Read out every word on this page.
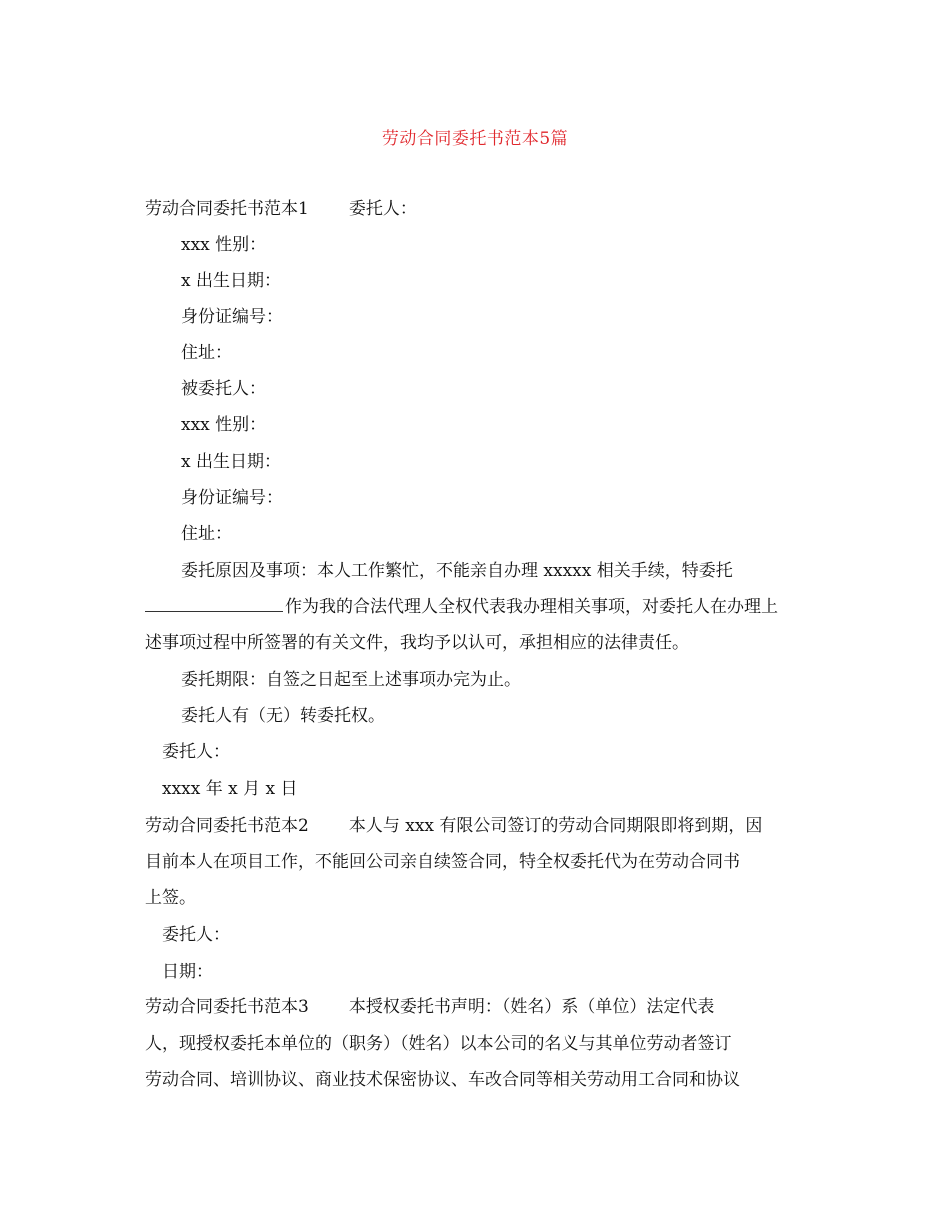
劳动合同委托书范本5篇
劳动合同委托书范本1 委托人：
xxx 性别：
x 出生日期：
身份证编号：
住址：
被委托人：
xxx 性别：
x 出生日期：
身份证编号：
住址：
委托原因及事项：本人工作繁忙，不能亲自办理 xxxxx 相关手续，特委托
作为我的合法代理人全权代表我办理相关事项，对委托人在办理上
述事项过程中所签署的有关文件，我均予以认可，承担相应的法律责任。
委托期限：自签之日起至上述事项办完为止。
委托人有（无）转委托权。
委托人：
xxxx 年 x 月 x 日
劳动合同委托书范本2 本人与 xxx 有限公司签订的劳动合同期限即将到期，因
目前本人在项目工作，不能回公司亲自续签合同，特全权委托代为在劳动合同书
上签。
委托人：
日期：
劳动合同委托书范本3 本授权委托书声明：（姓名）系（单位）法定代表
人，现授权委托本单位的（职务）（姓名）以本公司的名义与其单位劳动者签订
劳动合同、培训协议、商业技术保密协议、车改合同等相关劳动用工合同和协议
